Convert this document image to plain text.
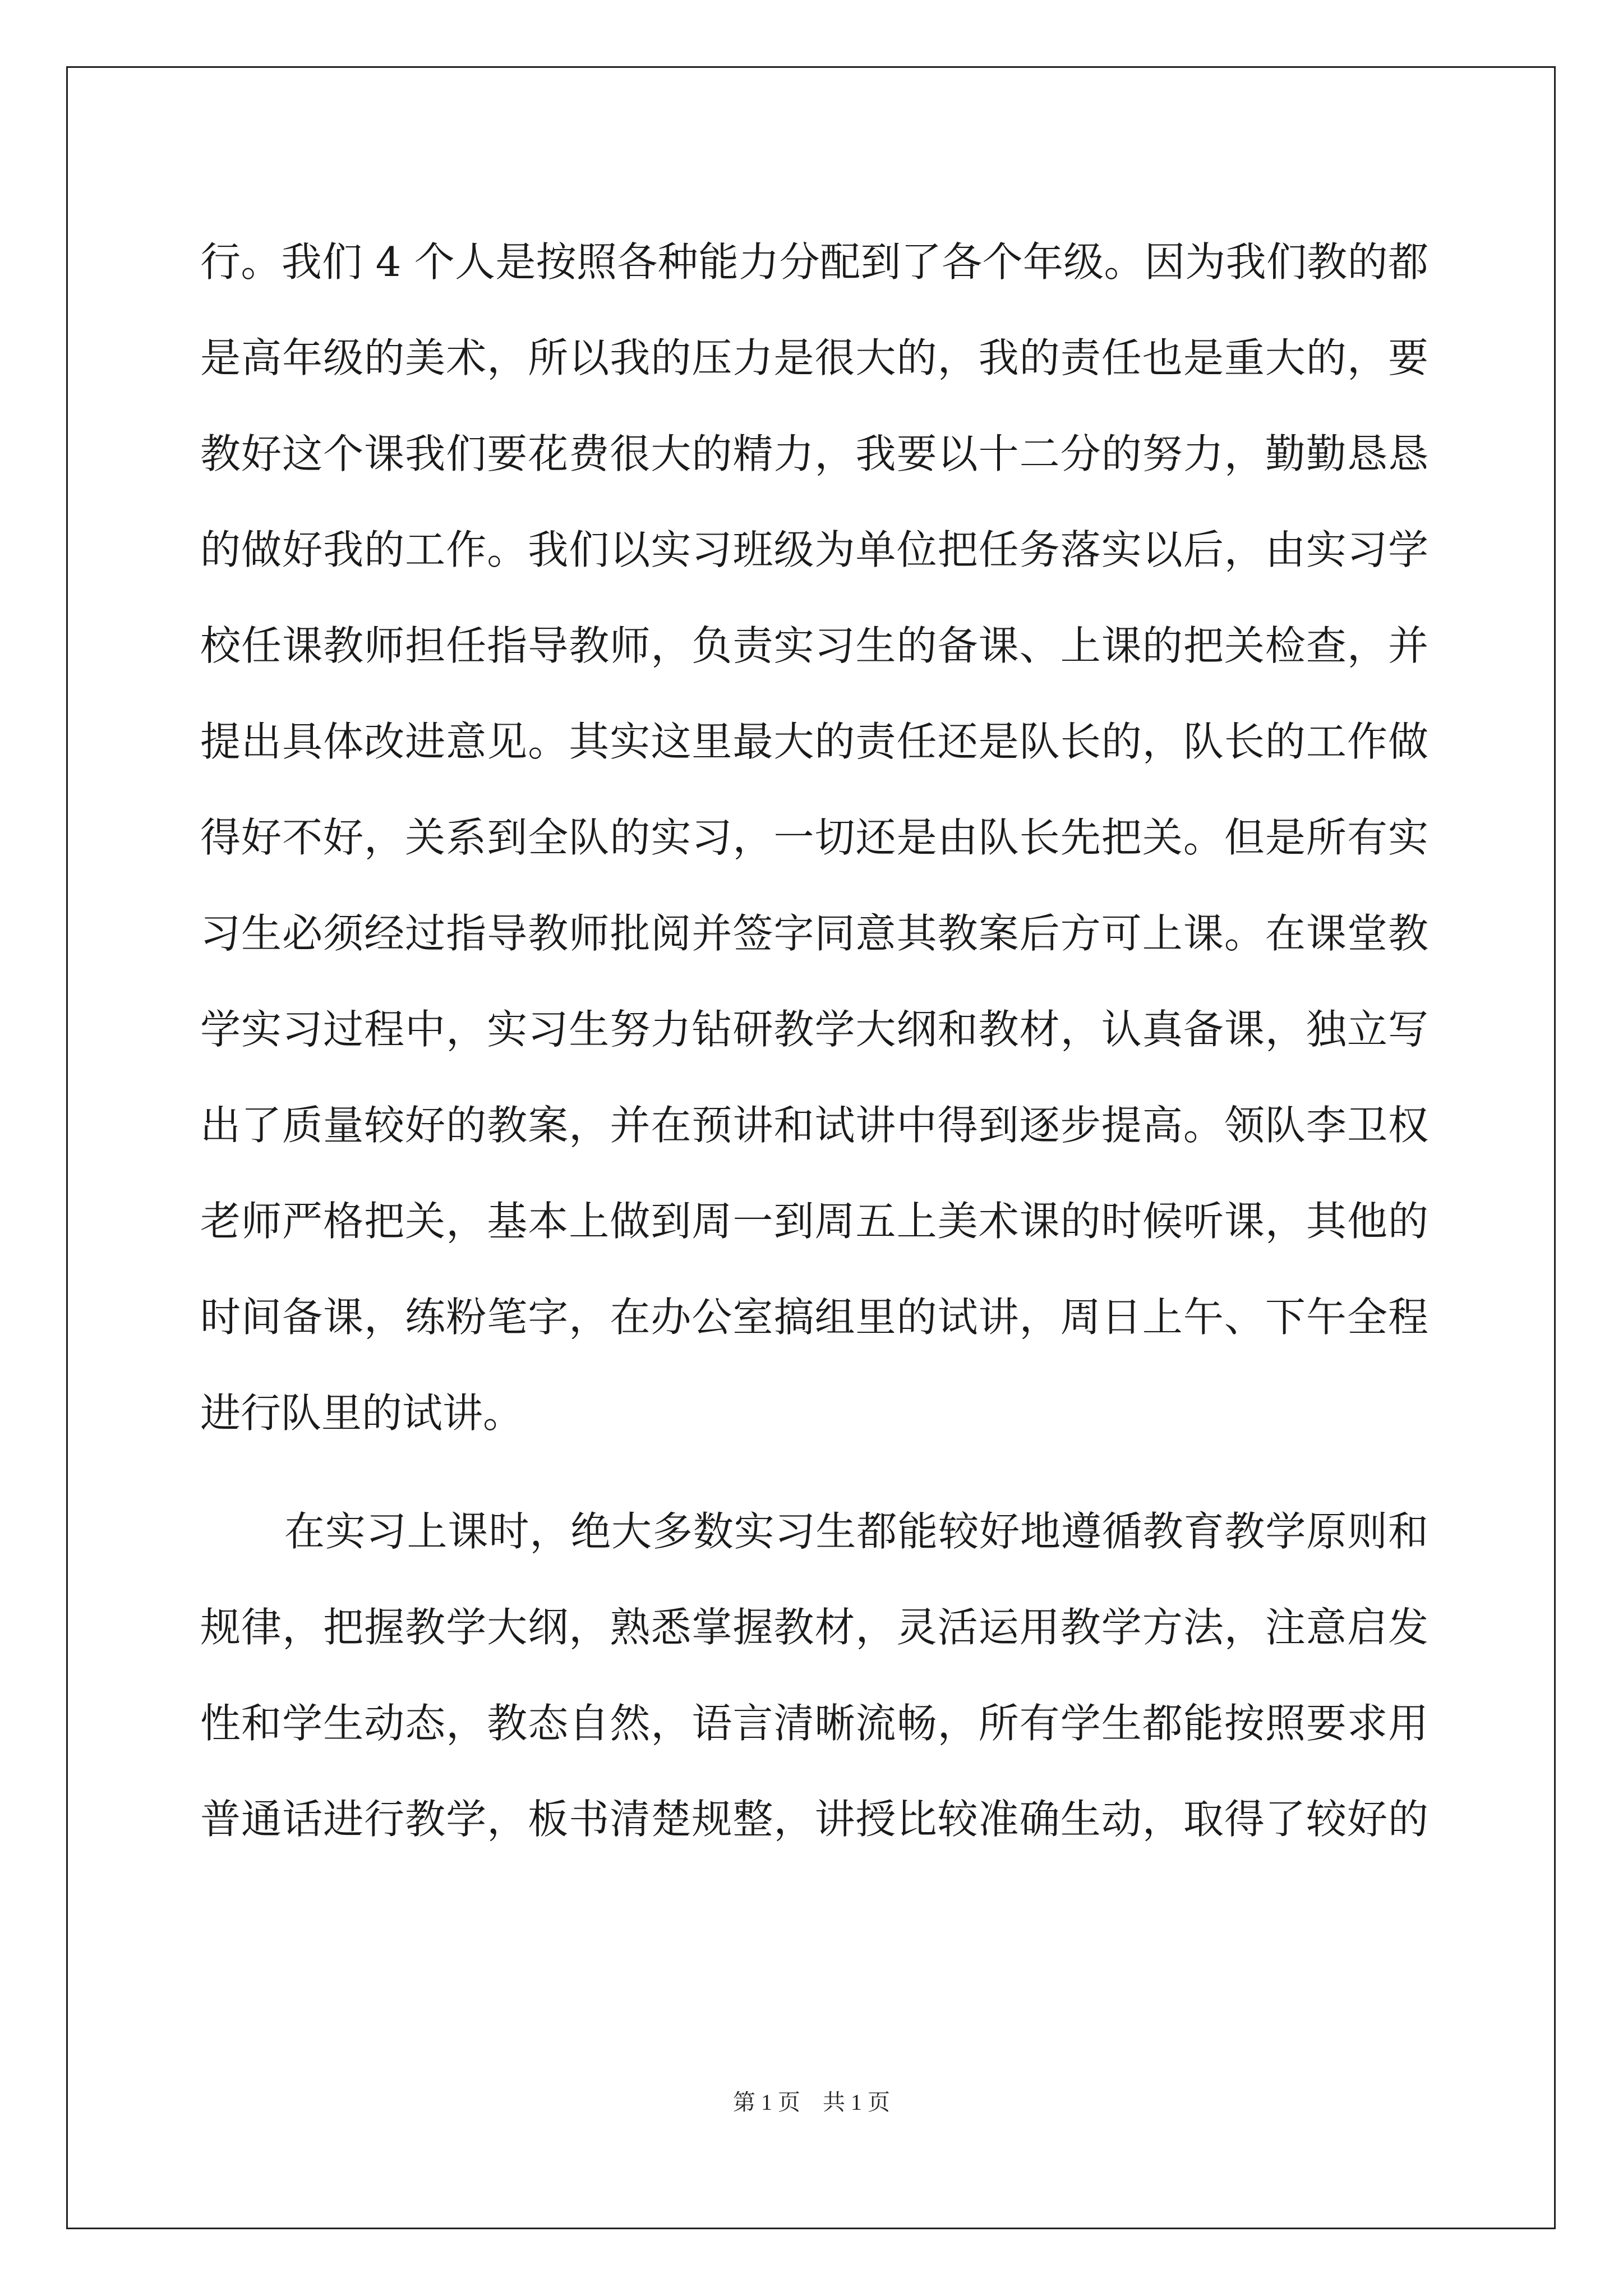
行。我们 4 个人是按照各种能力分配到了各个年级。因为我们教的都
是高年级的美术，所以我的压力是很大的，我的责任也是重大的，要
教好这个课我们要花费很大的精力，我要以十二分的努力，勤勤恳恳
的做好我的工作。我们以实习班级为单位把任务落实以后，由实习学
校任课教师担任指导教师，负责实习生的备课、上课的把关检查，并
提出具体改进意见。其实这里最大的责任还是队长的，队长的工作做
得好不好，关系到全队的实习，一切还是由队长先把关。但是所有实
习生必须经过指导教师批阅并签字同意其教案后方可上课。在课堂教
学实习过程中，实习生努力钻研教学大纲和教材，认真备课，独立写
出了质量较好的教案，并在预讲和试讲中得到逐步提高。领队李卫权
老师严格把关，基本上做到周一到周五上美术课的时候听课，其他的
时间备课，练粉笔字，在办公室搞组里的试讲，周日上午、下午全程
进行队里的试讲。
在实习上课时，绝大多数实习生都能较好地遵循教育教学原则和
规律，把握教学大纲，熟悉掌握教材，灵活运用教学方法，注意启发
性和学生动态，教态自然，语言清晰流畅，所有学生都能按照要求用
普通话进行教学，板书清楚规整，讲授比较准确生动，取得了较好的
第 1 页　共 1 页
